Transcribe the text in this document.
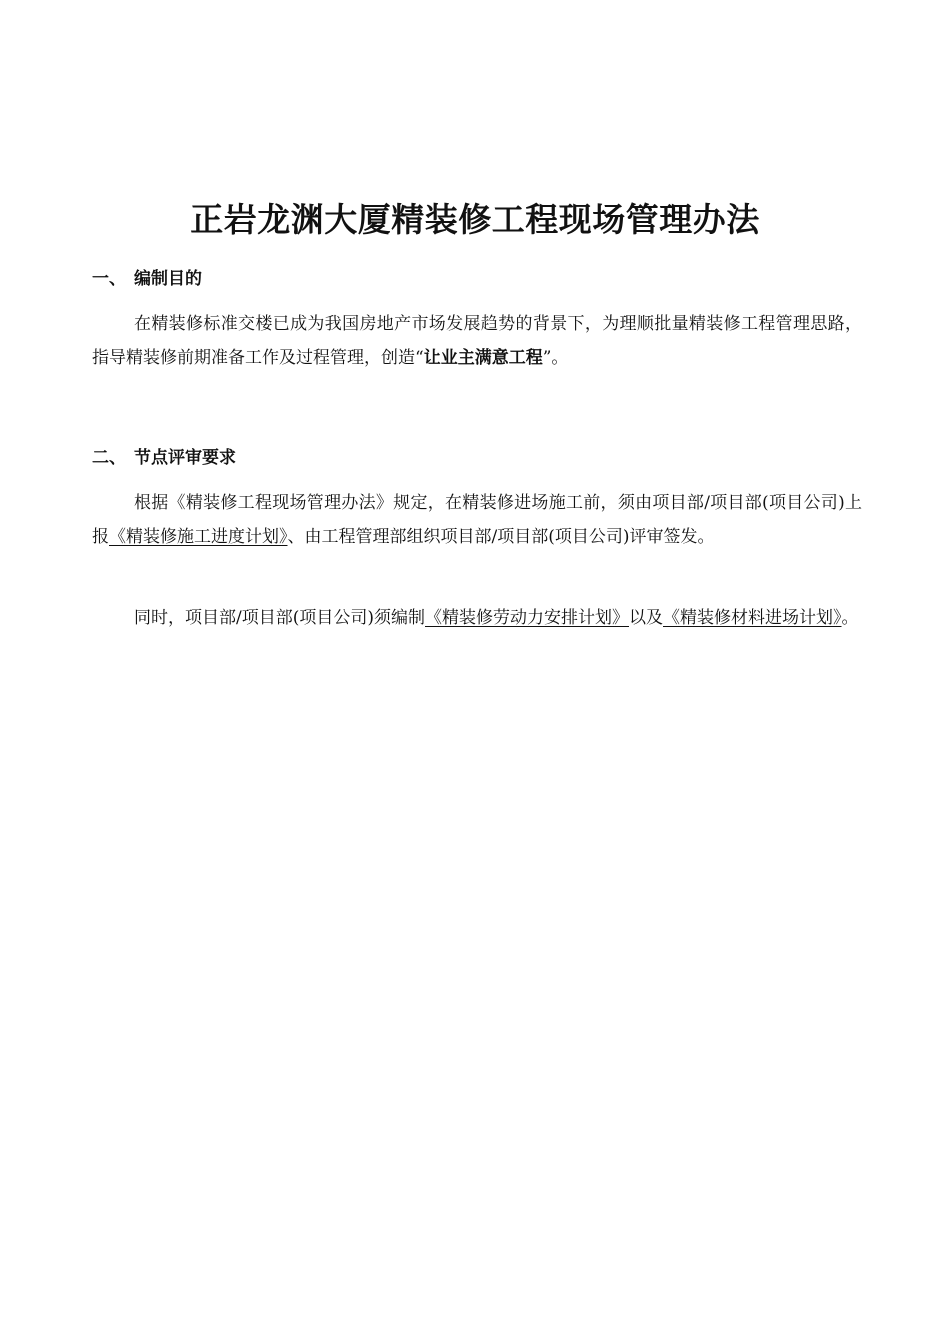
正岩龙渊大厦精装修工程现场管理办法
一、 编制目的
在精装修标准交楼已成为我国房地产市场发展趋势的背景下，为理顺批量精装修工程管理思路，指导精装修前期准备工作及过程管理，创造“让业主满意工程”。
二、 节点评审要求
根据《精装修工程现场管理办法》规定，在精装修进场施工前，须由项目部/项目部(项目公司)上报《精装修施工进度计划》、由工程管理部组织项目部/项目部(项目公司)评审签发。
同时，项目部/项目部(项目公司)须编制《精装修劳动力安排计划》以及《精装修材料进场计划》。
